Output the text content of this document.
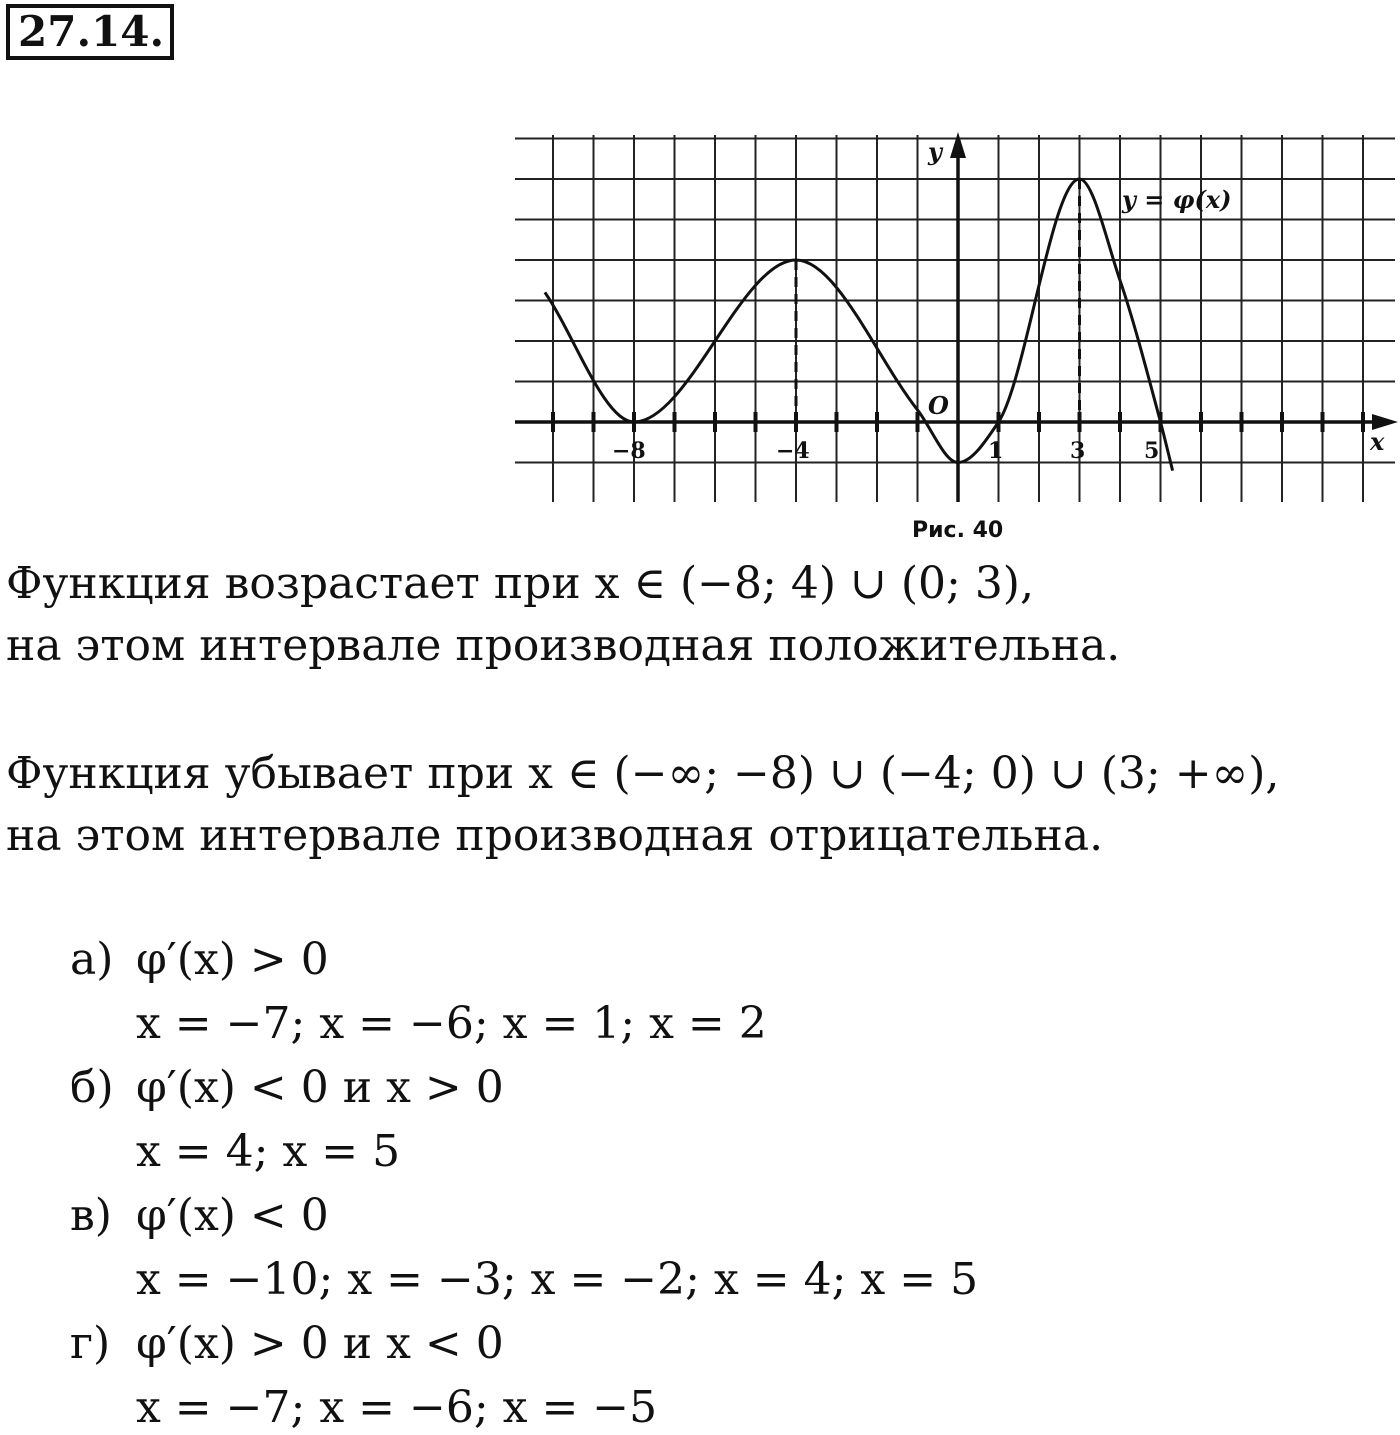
27.14.
y = φ(x)
y
x
O
−8	−4	1	3	5
Рис. 40
Функция возрастает при x ∈ (−8; 4) ∪ (0; 3),
на этом интервале производная положительна.
Функция убывает при x ∈ (−∞; −8) ∪ (−4; 0) ∪ (3; +∞),
на этом интервале производная отрицательна.
а) φ′(x) > 0
x = −7; x = −6; x = 1; x = 2
б) φ′(x) < 0 и x > 0
x = 4; x = 5
в) φ′(x) < 0
x = −10; x = −3; x = −2; x = 4; x = 5
г) φ′(x) > 0 и x < 0
x = −7; x = −6; x = −5
